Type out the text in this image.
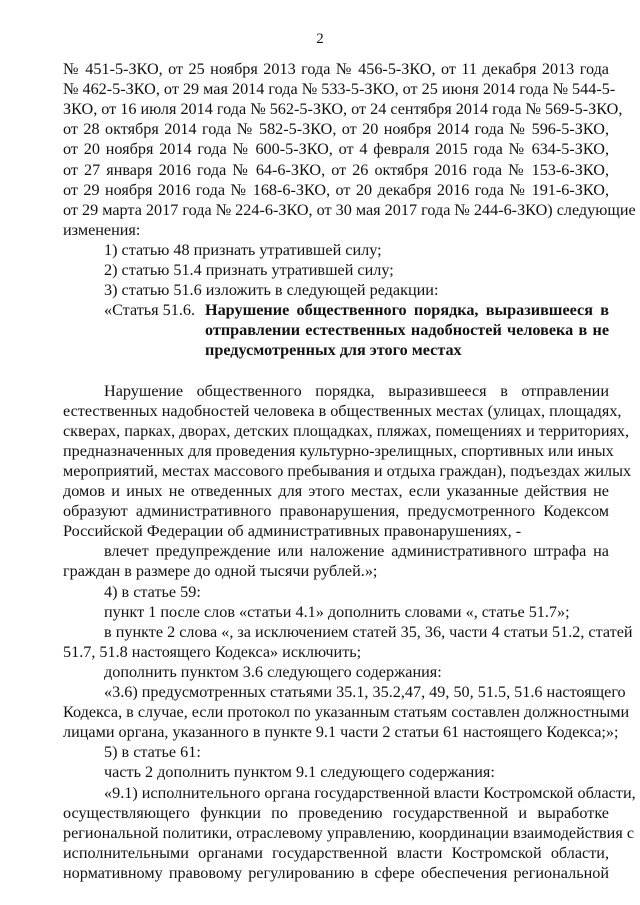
2
№ 451-5-ЗКО, от 25 ноября 2013 года № 456-5-ЗКО, от 11 декабря 2013 года
№ 462-5-ЗКО, от 29 мая 2014 года № 533-5-ЗКО, от 25 июня 2014 года № 544-5-
ЗКО, от 16 июля 2014 года № 562-5-ЗКО, от 24 сентября 2014 года № 569-5-ЗКО,
от 28 октября 2014 года № 582-5-ЗКО, от 20 ноября 2014 года № 596-5-ЗКО,
от 20 ноября 2014 года № 600-5-ЗКО, от 4 февраля 2015 года № 634-5-ЗКО,
от 27 января 2016 года № 64-6-ЗКО, от 26 октября 2016 года № 153-6-ЗКО,
от 29 ноября 2016 года № 168-6-ЗКО, от 20 декабря 2016 года № 191-6-ЗКО,
от 29 марта 2017 года № 224-6-ЗКО, от 30 мая 2017 года № 244-6-ЗКО) следующие
изменения:
1) статью 48 признать утратившей силу;
2) статью 51.4 признать утратившей силу;
3) статью 51.6 изложить в следующей редакции:
«Статья 51.6. Нарушение общественного порядка, выразившееся в
отправлении естественных надобностей человека в не
предусмотренных для этого местах
Нарушение общественного порядка, выразившееся в отправлении
естественных надобностей человека в общественных местах (улицах, площадях,
скверах, парках, дворах, детских площадках, пляжах, помещениях и территориях,
предназначенных для проведения культурно-зрелищных, спортивных или иных
мероприятий, местах массового пребывания и отдыха граждан), подъездах жилых
домов и иных не отведенных для этого местах, если указанные действия не
образуют административного правонарушения, предусмотренного Кодексом
Российской Федерации об административных правонарушениях, -
влечет предупреждение или наложение административного штрафа на
граждан в размере до одной тысячи рублей.»;
4) в статье 59:
пункт 1 после слов «статьи 4.1» дополнить словами «, статье 51.7»;
в пункте 2 слова «, за исключением статей 35, 36, части 4 статьи 51.2, статей
51.7, 51.8 настоящего Кодекса» исключить;
дополнить пунктом 3.6 следующего содержания:
«3.6) предусмотренных статьями 35.1, 35.2,47, 49, 50, 51.5, 51.6 настоящего
Кодекса, в случае, если протокол по указанным статьям составлен должностными
лицами органа, указанного в пункте 9.1 части 2 статьи 61 настоящего Кодекса;»;
5) в статье 61:
часть 2 дополнить пунктом 9.1 следующего содержания:
«9.1) исполнительного органа государственной власти Костромской области,
осуществляющего функции по проведению государственной и выработке
региональной политики, отраслевому управлению, координации взаимодействия с
исполнительными органами государственной власти Костромской области,
нормативному правовому регулированию в сфере обеспечения региональной
